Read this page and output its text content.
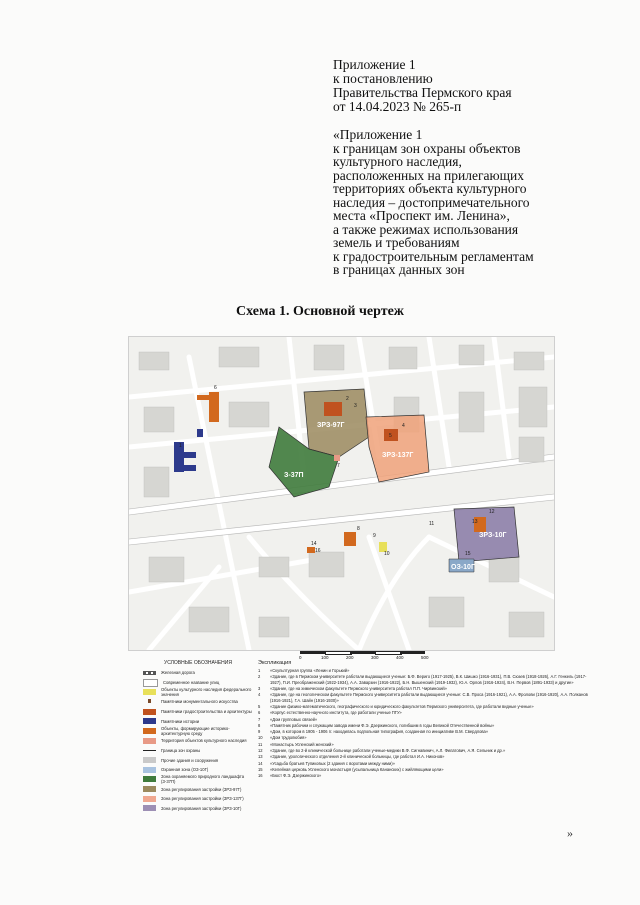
Приложение 1
к постановлению
Правительства Пермского края
от 14.04.2023 № 265-п
«Приложение 1
к границам зон охраны объектов
культурного наследия,
расположенных на прилегающих
территориях объекта культурного
наследия – достопримечательного
места «Проспект им. Ленина»,
а также режимах использования
земель и требованиям
к градостроительным регламентам
в границах данных зон
Схема 1. Основной чертеж
ЗРЗ-97Г
ЗРЗ-137Г
ЗРЗ-10Г
З-37П
ОЗ-10Г
1
2
3
4
5
6
7
8
9
10
11
12
13
14
15
16
0	100	200	300	400	500
УСЛОВНЫЕ ОБОЗНАЧЕНИЯ
Железная дорога
Современное название улиц
Объекты культурного наследия федерального значения
Памятники монументального искусства
Памятники градостроительства и архитектуры
Памятники истории
Объекты, формирующие историко-архитектурную среду
Территория объектов культурного наследия
Граница зон охраны
Прочие здания и сооружения
Охранная зона (ОЗ-10Г)
Зона охраняемого природного ландшафта (З-37П)
Зона регулирования застройки (ЗРЗ-97Г)
Зона регулирования застройки (ЗРЗ-137Г)
Зона регулирования застройки (ЗРЗ-10Г)
Экспликация
1	«Скульптурная группа «Ленин и Горький»
2	«Здание, где в Пермском университете работали выдающиеся ученые: Б.Ф. Вериго (1917-1925), В.К. Шишко (1916-1931), П.В. Сюзев (1918-1926), А.Г. Генкель (1917-1927), П.И. Преображенский (1922-1934), А.А. Заварзин (1916-1922), Б.Н. Вышенский (1919-1932), Ю.А. Орлов (1916-1924), В.Н. Первов (1891-1933) и другие»
3	«Здание, где на химическом факультете Пермского университета работал П.П. Чирвинский»
4	«Здание, где на геологическом факультете Пермского университета работали выдающиеся ученые: С.В. Проса (1916-1921), А.А. Фролови (1916-1920), А.А. Полканов (1916-1921), Г.А. Шайн (1916-1930)»
5	«Здание физико-математического, географического и юридического факультетов Пермского университета, где работали видные ученые»
6	«Корпус естественно-научного института, где работали ученые ПГУ»
7	«Дом групповых связей»
8	«Памятник рабочим и служащим завода имени Ф.Э. Дзержинского, погибшим в годы Великой Отечественной войны»
9	«Дом, в котором в 1905 - 1906 гг. находилась подпольная типография, созданная по инициативе В.М. Свердлова»
10	«Дом трудолюбия»
11	«Монастырь Успенский женский»
12	«Здание, где во 2-й клинической больнице работали ученые-медики В.Ф. Сигнавинич, А.Л. Филатович, А.Я. Сельник и др.»
13	«Здание, урологического отделения 2-й клинической больницы, где работал И.А. Никонов»
14	«Усадьба братьев Тупиковых (2 здания с воротами между ними)»
15	«Келейная церковь Успенского монастыря (усыпальница Кананских) с жийляющими цели»
16	«Бюст Ф.Э. Дзержинского»
»
